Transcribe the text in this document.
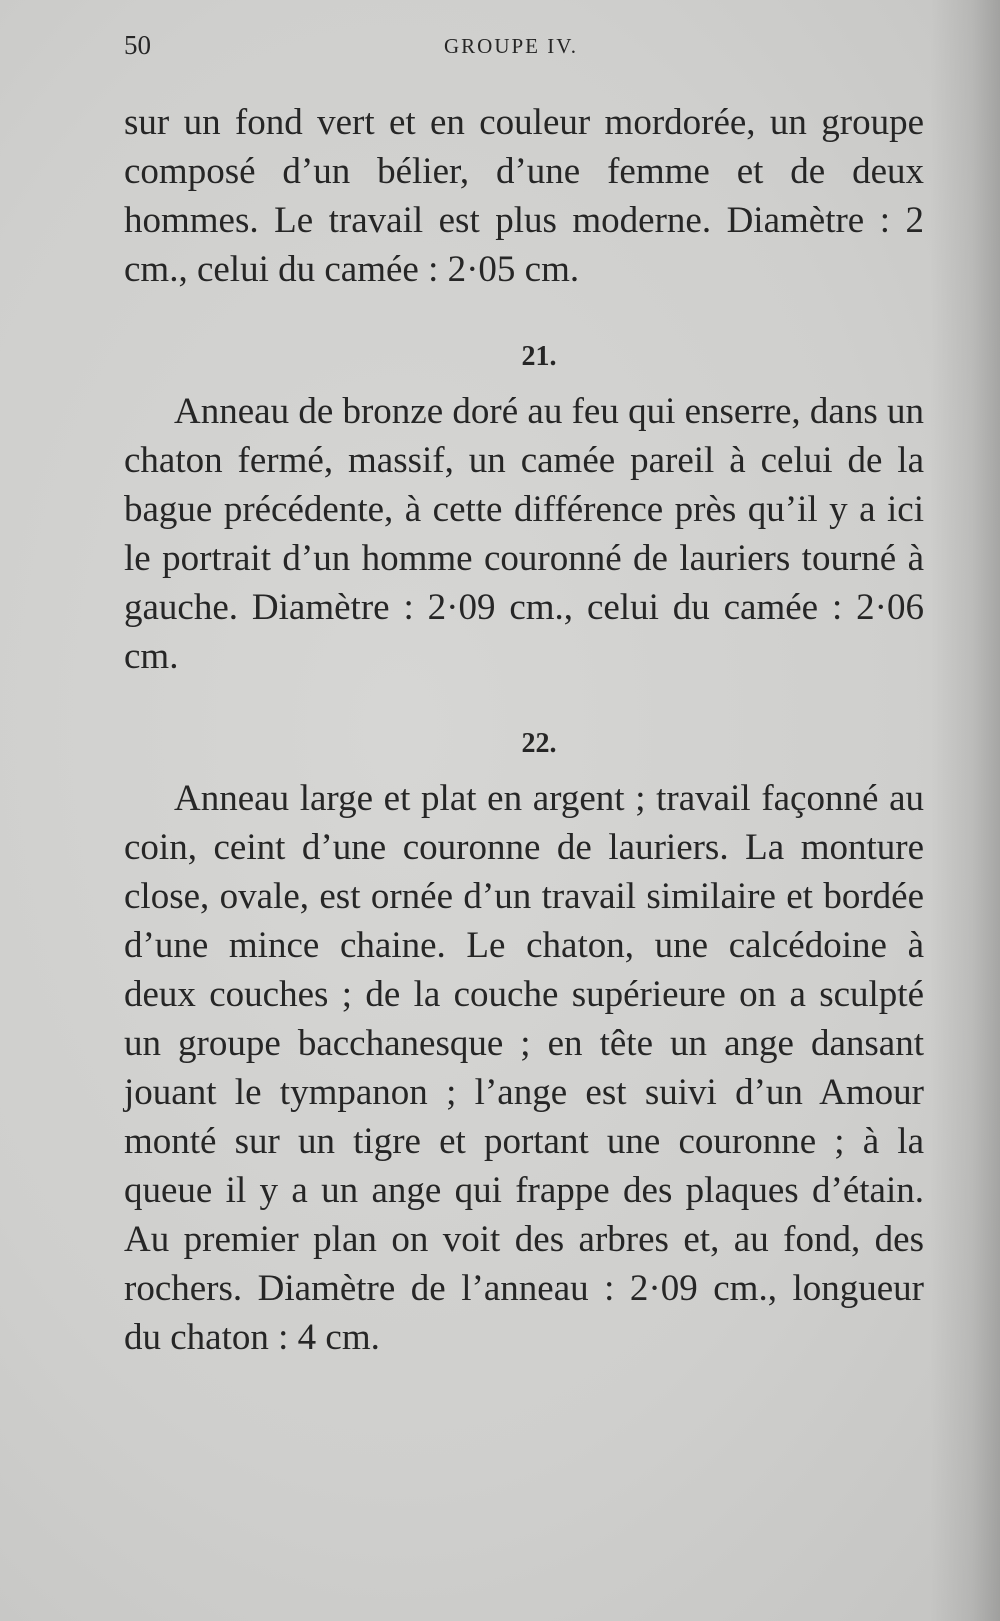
50	GROUPE IV.

sur un fond vert et en couleur mordorée, un groupe composé d’un bélier, d’une femme et de deux hommes. Le travail est plus moderne. Diamètre : 2 cm., celui du camée : 2·05 cm.

21.

Anneau de bronze doré au feu qui enserre, dans un chaton fermé, massif, un camée pareil à celui de la bague précédente, à cette différence près qu’il y a ici le portrait d’un homme couronné de lauriers tourné à gauche. Diamètre : 2·09 cm., celui du camée : 2·06 cm.

22.

Anneau large et plat en argent ; travail façonné au coin, ceint d’une couronne de lauriers. La monture close, ovale, est ornée d’un travail similaire et bordée d’une mince chaine. Le chaton, une calcédoine à deux couches ; de la couche supérieure on a sculpté un groupe bacchanesque ; en tête un ange dansant jouant le tympanon ; l’ange est suivi d’un Amour monté sur un tigre et portant une couronne ; à la queue il y a un ange qui frappe des plaques d’étain. Au premier plan on voit des arbres et, au fond, des rochers. Diamètre de l’anneau : 2·09 cm., longueur du chaton : 4 cm.
